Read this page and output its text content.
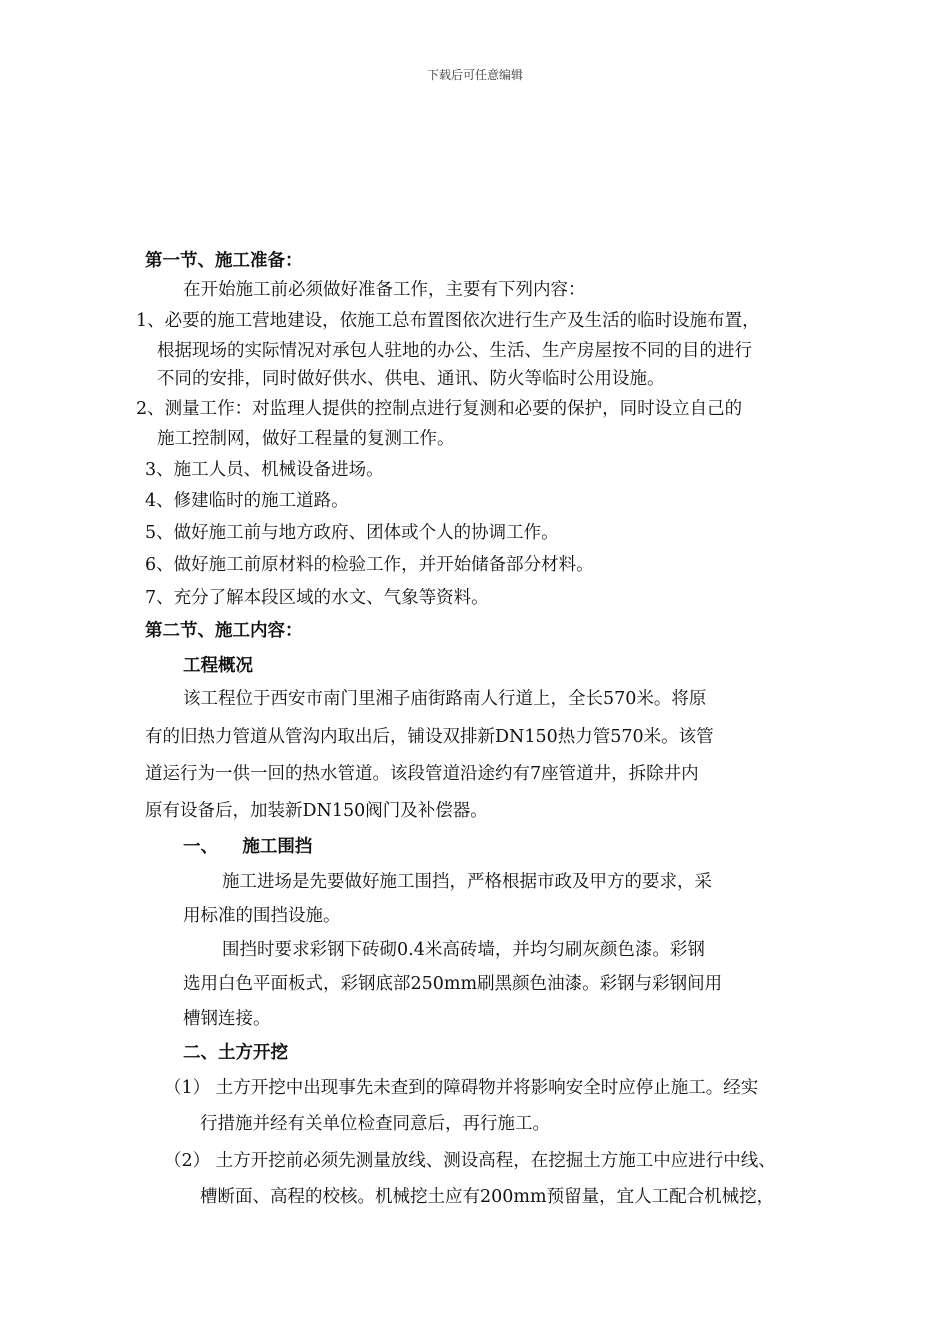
下载后可任意编辑
第一节、施工准备：
在开始施工前必须做好准备工作，主要有下列内容：
1、必要的施工营地建设，依施工总布置图依次进行生产及生活的临时设施布置，
根据现场的实际情况对承包人驻地的办公、生活、生产房屋按不同的目的进行
不同的安排，同时做好供水、供电、通讯、防火等临时公用设施。
2、测量工作：对监理人提供的控制点进行复测和必要的保护，同时设立自己的
施工控制网，做好工程量的复测工作。
3、施工人员、机械设备进场。
4、修建临时的施工道路。
5、做好施工前与地方政府、团体或个人的协调工作。
6、做好施工前原材料的检验工作，并开始储备部分材料。
7、充分了解本段区域的水文、气象等资料。
第二节、施工内容：
工程概况
该工程位于西安市南门里湘子庙街路南人行道上，全长570米。将原
有的旧热力管道从管沟内取出后，铺设双排新DN150热力管570米。该管
道运行为一供一回的热水管道。该段管道沿途约有7座管道井，拆除井内
原有设备后，加装新DN150阀门及补偿器。
一、    施工围挡
施工进场是先要做好施工围挡，严格根据市政及甲方的要求，采
用标准的围挡设施。
围挡时要求彩钢下砖砌0.4米高砖墙，并均匀刷灰颜色漆。彩钢
选用白色平面板式，彩钢底部250mm刷黑颜色油漆。彩钢与彩钢间用
槽钢连接。
二、土方开挖
（1） 土方开挖中出现事先未查到的障碍物并将影响安全时应停止施工。经实
行措施并经有关单位检查同意后，再行施工。
（2） 土方开挖前必须先测量放线、测设高程，在挖掘土方施工中应进行中线、
槽断面、高程的校核。机械挖土应有200mm预留量，宜人工配合机械挖，
